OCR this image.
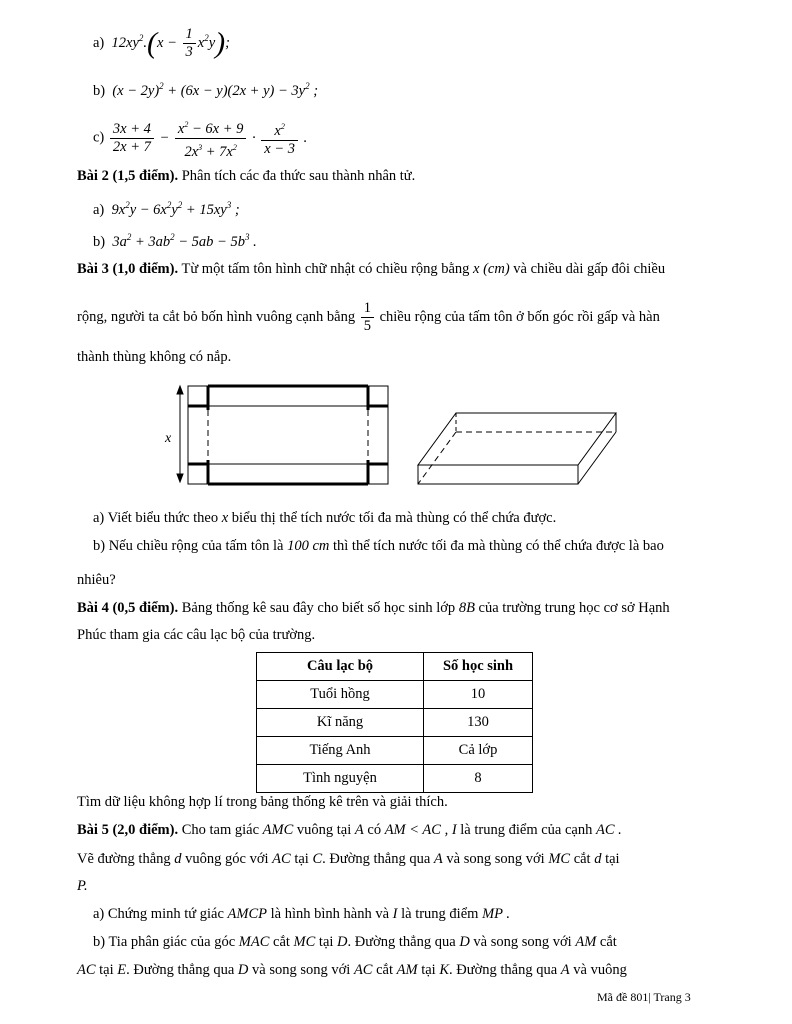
a)  $12xy^2.(x - \frac{1}{3} x^2y)$;
b)  $(x - 2y)^2 + (6x - y)(2x + y) - 3y^2$ ;
$c) \frac{3x + 4}{2x + 7} - \frac{x^2 - 6x + 9}{2x^3 + 7x^2} \cdot \frac{x^2}{x - 3}$ .
Bài 2 (1,5 điểm). Phân tích các đa thức sau thành nhân tử.
a)  $9x^2y - 6x^2y^2 + 15xy^3$ ;
b)  $3a^2 + 3ab^2 - 5ab - 5b^3$ .
Bài 3 (1,0 điểm). Từ một tấm tôn hình chữ nhật có chiều rộng bằng x (cm) và chiều dài gấp đôi chiều
rộng, người ta cắt bỏ bốn hình vuông cạnh bằng $\frac{1}{5}$ chiều rộng của tấm tôn ở bốn góc rồi gấp và hàn
thành thùng không có nắp.
x
a) Viết biểu thức theo x biểu thị thể tích nước tối đa mà thùng có thể chứa được.
b) Nếu chiều rộng của tấm tôn là 100 cm thì thể tích nước tối đa mà thùng có thể chứa được là bao
nhiêu?
Bài 4 (0,5 điểm). Bảng thống kê sau đây cho biết số học sinh lớp 8B của trường trung học cơ sở Hạnh
Phúc tham gia các câu lạc bộ của trường.
Câu lạc bộ	Số học sinh
Tuổi hồng	10
Kĩ năng	130
Tiếng Anh	Cả lớp
Tình nguyện	8
Tìm dữ liệu không hợp lí trong bảng thống kê trên và giải thích.
Bài 5 (2,0 điểm). Cho tam giác AMC vuông tại A có AM < AC , I là trung điểm của cạnh AC .
Vẽ đường thẳng d vuông góc với AC tại C. Đường thẳng qua A và song song với MC cắt d tại
P.
a) Chứng minh tứ giác AMCP là hình bình hành và I là trung điểm MP .
b) Tia phân giác của góc MAC cắt MC tại D. Đường thẳng qua D và song song với AM cắt
AC tại E. Đường thẳng qua D và song song với AC cắt AM tại K. Đường thẳng qua A và vuông
Mã đề 801| Trang 3
